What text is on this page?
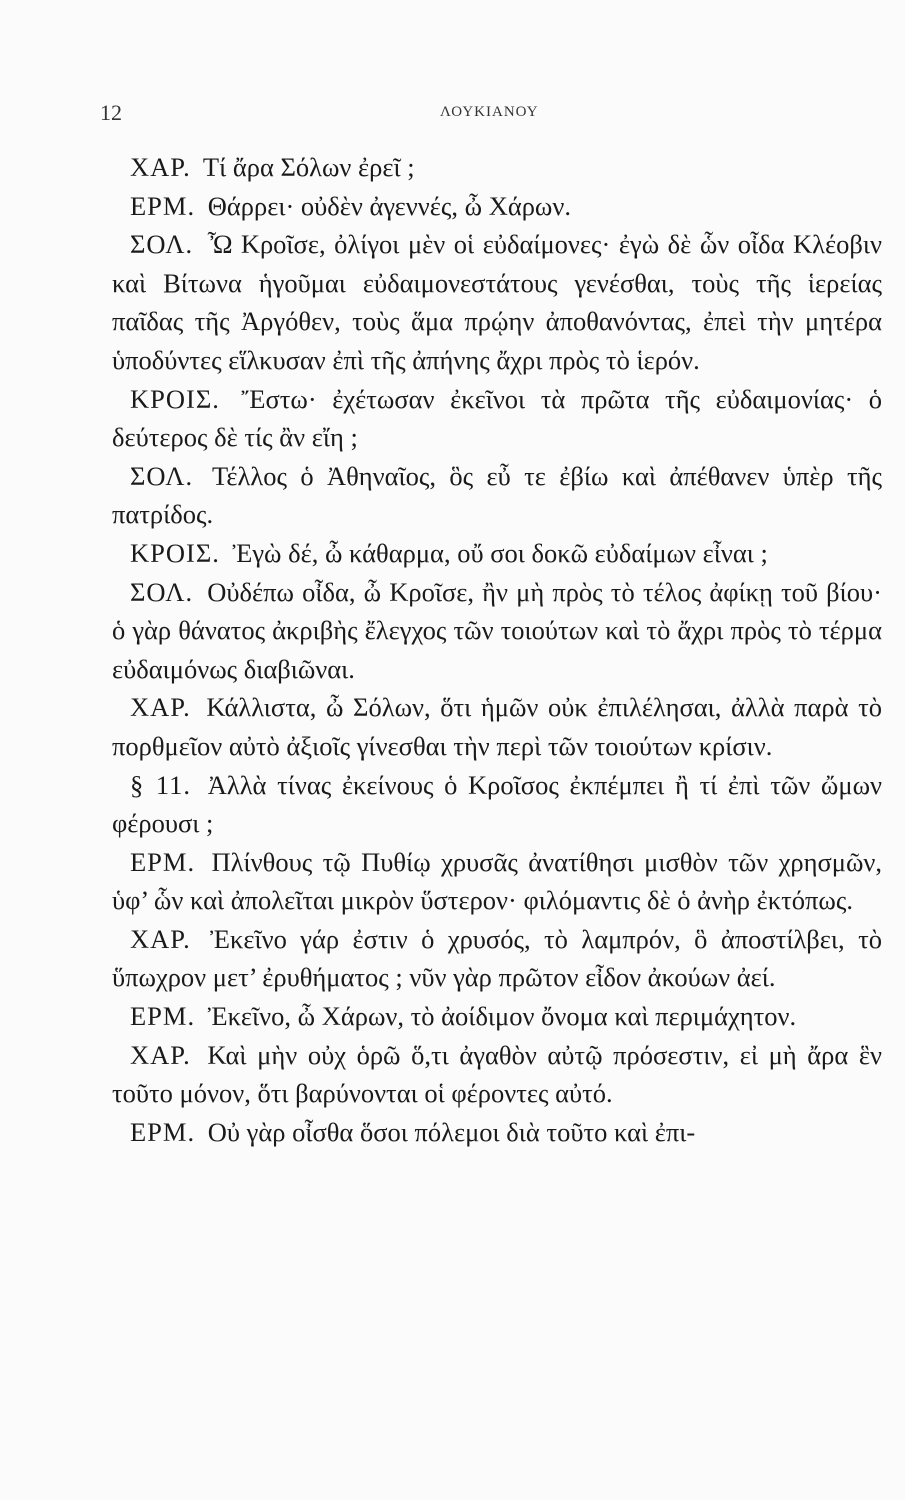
12	ΛΟΥΚΙΑΝΟΥ

ΧΑΡ. Τί ἄρα Σόλων ἐρεῖ ;

ΕΡΜ. Θάρρει· οὐδὲν ἀγεννές, ὦ Χάρων.

ΣΟΛ. Ὦ Κροῖσε, ὀλίγοι μὲν οἱ εὐδαίμονες· ἐγὼ δὲ ὧν οἶδα Κλέοβιν καὶ Βίτωνα ἡγοῦμαι εὐδαιμονεστάτους γενέσθαι, τοὺς τῆς ἱερείας παῖδας τῆς Ἀργόθεν, τοὺς ἅμα πρῴην ἀποθανόντας, ἐπεὶ τὴν μητέρα ὑποδύντες εἵλκυσαν ἐπὶ τῆς ἀπήνης ἄχρι πρὸς τὸ ἱερόν.

ΚΡΟΙΣ. Ἔστω· ἐχέτωσαν ἐκεῖνοι τὰ πρῶτα τῆς εὐδαιμονίας· ὁ δεύτερος δὲ τίς ἂν εἴη ;

ΣΟΛ. Τέλλος ὁ Ἀθηναῖος, ὃς εὖ τε ἐβίω καὶ ἀπέθανεν ὑπὲρ τῆς πατρίδος.

ΚΡΟΙΣ. Ἐγὼ δέ, ὦ κάθαρμα, οὔ σοι δοκῶ εὐδαίμων εἶναι ;

ΣΟΛ. Οὐδέπω οἶδα, ὦ Κροῖσε, ἢν μὴ πρὸς τὸ τέλος ἀφίκῃ τοῦ βίου· ὁ γὰρ θάνατος ἀκριβὴς ἔλεγχος τῶν τοιούτων καὶ τὸ ἄχρι πρὸς τὸ τέρμα εὐδαιμόνως διαβιῶναι.

ΧΑΡ. Κάλλιστα, ὦ Σόλων, ὅτι ἡμῶν οὐκ ἐπιλέλησαι, ἀλλὰ παρὰ τὸ πορθμεῖον αὐτὸ ἀξιοῖς γίνεσθαι τὴν περὶ τῶν τοιούτων κρίσιν.

§ 11. Ἀλλὰ τίνας ἐκείνους ὁ Κροῖσος ἐκπέμπει ἢ τί ἐπὶ τῶν ὤμων φέρουσι ;

ΕΡΜ. Πλίνθους τῷ Πυθίῳ χρυσᾶς ἀνατίθησι μισθὸν τῶν χρησμῶν, ὑφ’ ὧν καὶ ἀπολεῖται μικρὸν ὕστερον· φιλόμαντις δὲ ὁ ἀνὴρ ἐκτόπως.

ΧΑΡ. Ἐκεῖνο γάρ ἐστιν ὁ χρυσός, τὸ λαμπρόν, ὃ ἀποστίλβει, τὸ ὕπωχρον μετ’ ἐρυθήματος ; νῦν γὰρ πρῶτον εἶδον ἀκούων ἀεί.

ΕΡΜ. Ἐκεῖνο, ὦ Χάρων, τὸ ἀοίδιμον ὄνομα καὶ περιμάχητον.

ΧΑΡ. Καὶ μὴν οὐχ ὁρῶ ὅ,τι ἀγαθὸν αὐτῷ πρόσεστιν, εἰ μὴ ἄρα ἓν τοῦτο μόνον, ὅτι βαρύνονται οἱ φέροντες αὐτό.

ΕΡΜ. Οὐ γὰρ οἶσθα ὅσοι πόλεμοι διὰ τοῦτο καὶ ἐπι-
